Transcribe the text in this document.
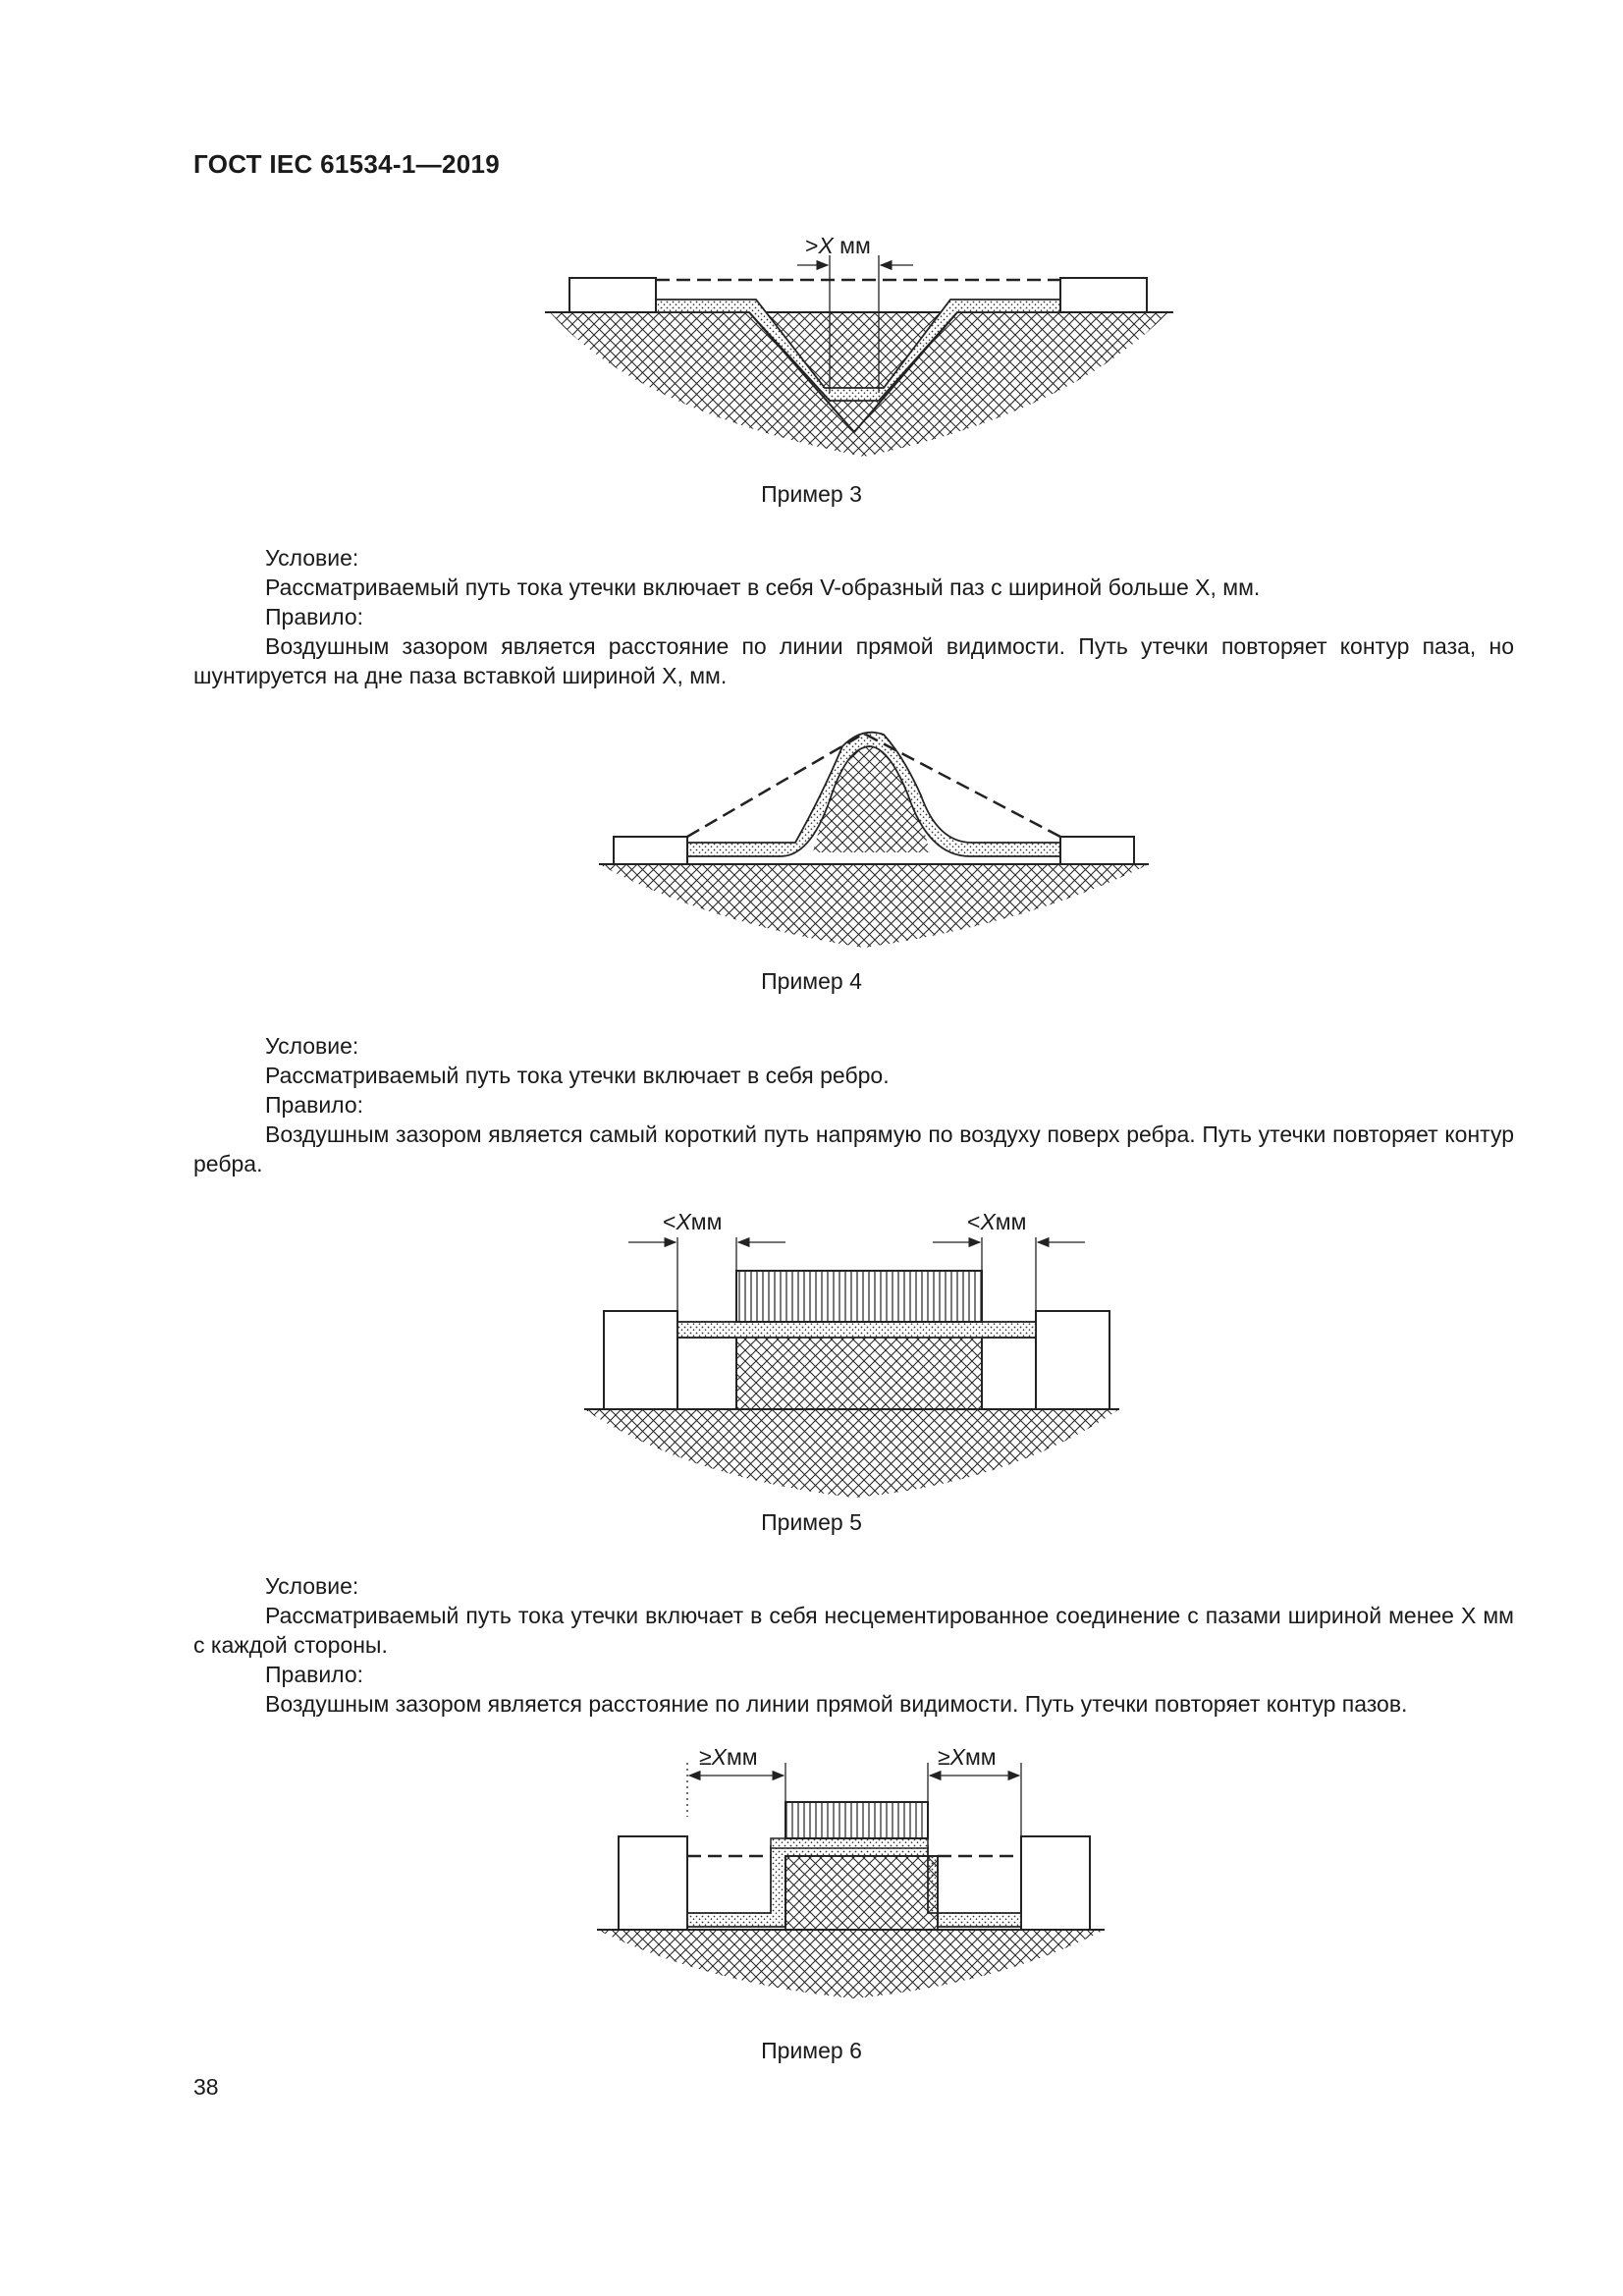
ГОСТ IEC 61534-1—2019
>X мм
Пример 3

Условие:

Рассматриваемый путь тока утечки включает в себя V-образный паз с шириной больше X, мм.

Правило:

Воздушным зазором является расстояние по линии прямой видимости. Путь утечки повторяет контур паза, но шунтируется на дне паза вставкой шириной X, мм.

Пример 4

Условие:

Рассматриваемый путь тока утечки включает в себя ребро.

Правило:

Воздушным зазором является самый короткий путь напрямую по воздуху поверх ребра. Путь утечки повторяет контур ребра.

<Xмм	<Xмм
Пример 5

Условие:

Рассматриваемый путь тока утечки включает в себя несцементированное соединение с пазами шириной менее X мм с каждой стороны.

Правило:

Воздушным зазором является расстояние по линии прямой видимости. Путь утечки повторяет контур пазов.

≥Xмм	≥Xмм
Пример 6
38
